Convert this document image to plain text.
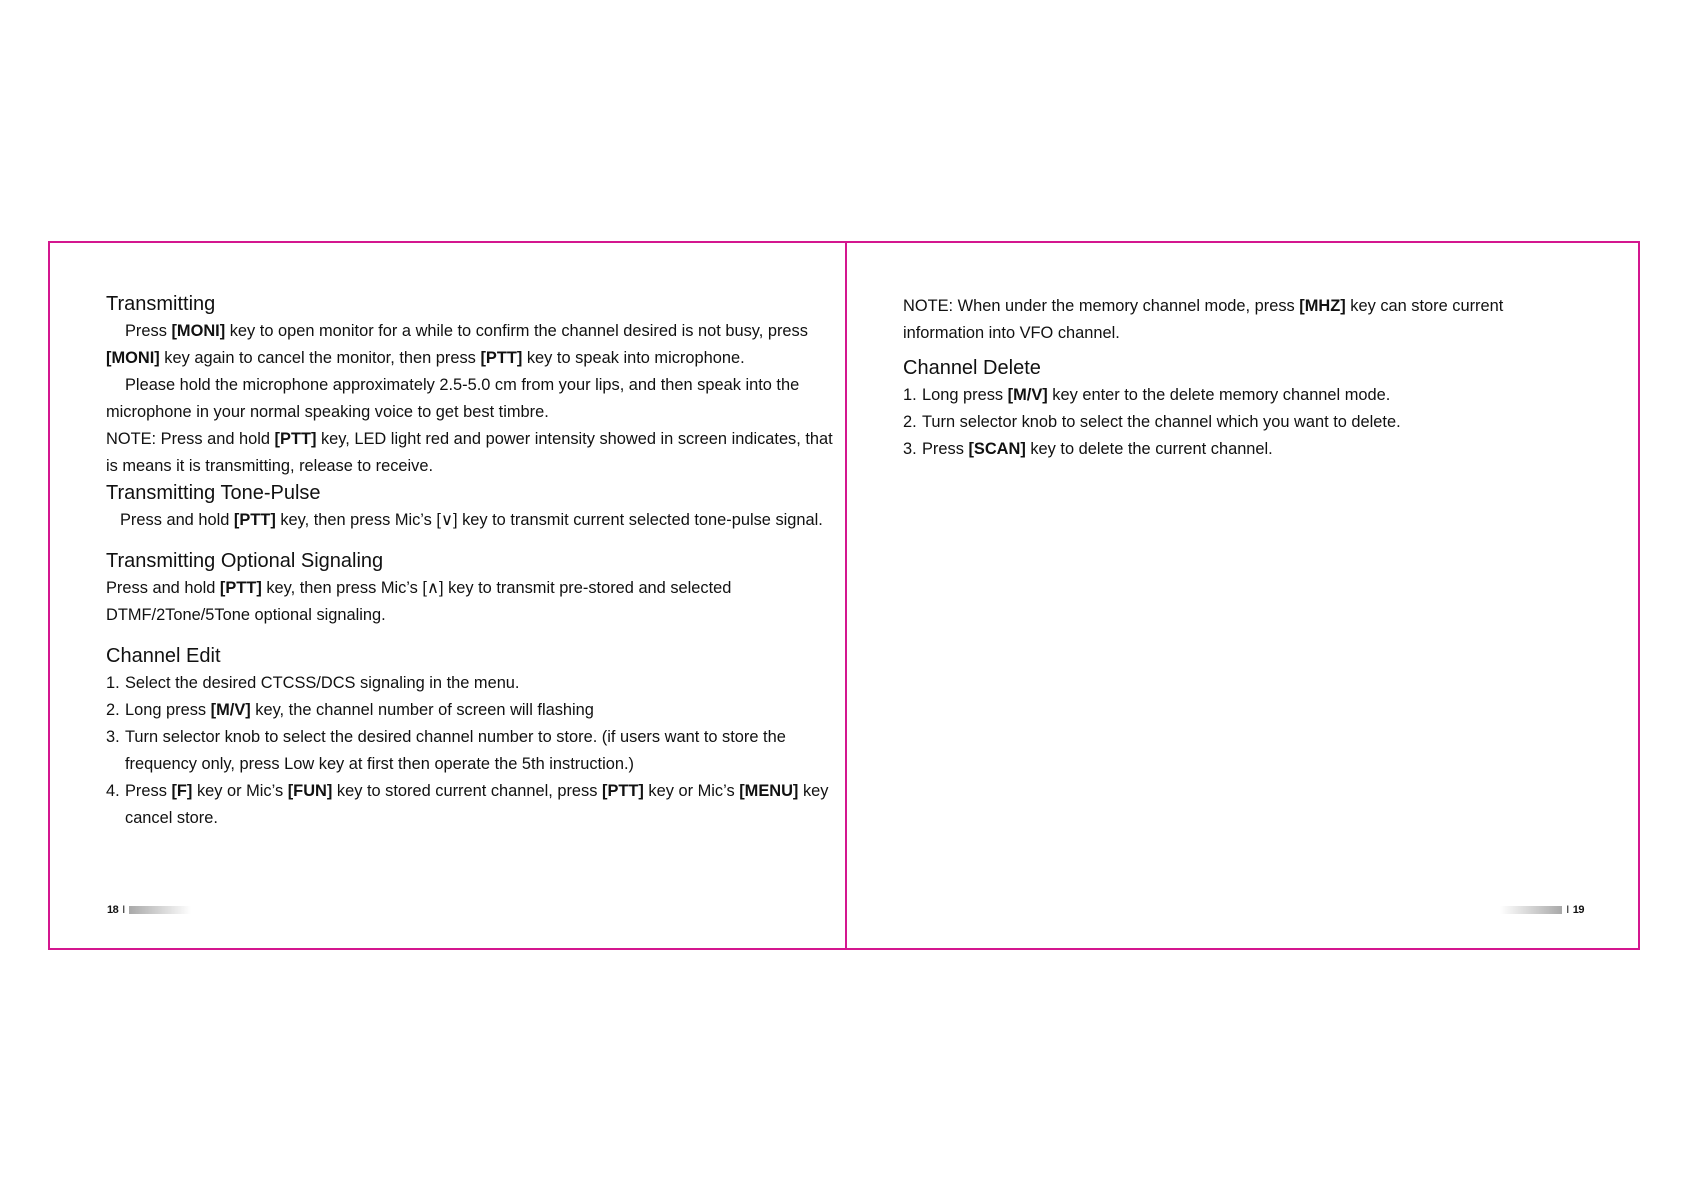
Transmitting

Press [MONI] key to open monitor for a while to confirm the channel desired is not busy, press [MONI] key again to cancel the monitor, then press [PTT] key to speak into microphone.

Please hold the microphone approximately 2.5-5.0 cm from your lips, and then speak into the microphone in your normal speaking voice to get best timbre.

NOTE: Press and hold [PTT] key, LED light red and power intensity showed in screen indicates, that is means it is transmitting, release to receive.

Transmitting Tone-Pulse

Press and hold [PTT] key, then press Mic’s [∨] key to transmit current selected tone-pulse signal.

Transmitting Optional Signaling

Press and hold [PTT] key, then press Mic’s [∧] key to transmit pre-stored and selected DTMF/2Tone/5Tone optional signaling.

Channel Edit
1. Select the desired CTCSS/DCS signaling in the menu.
2. Long press [M/V] key, the channel number of screen will flashing
3. Turn selector knob to select the desired channel number to store. (if users want to store the frequency only, press Low key at first then operate the 5th instruction.)
4. Press [F] key or Mic’s [FUN] key to stored current channel, press [PTT] key or Mic’s [MENU] key cancel store.
18 I

NOTE: When under the memory channel mode, press [MHZ] key can store current information into VFO channel.

Channel Delete
1. Long press [M/V] key enter to the delete memory channel mode.
2. Turn selector knob to select the channel which you want to delete.
3. Press [SCAN] key to delete the current channel.
I 19
